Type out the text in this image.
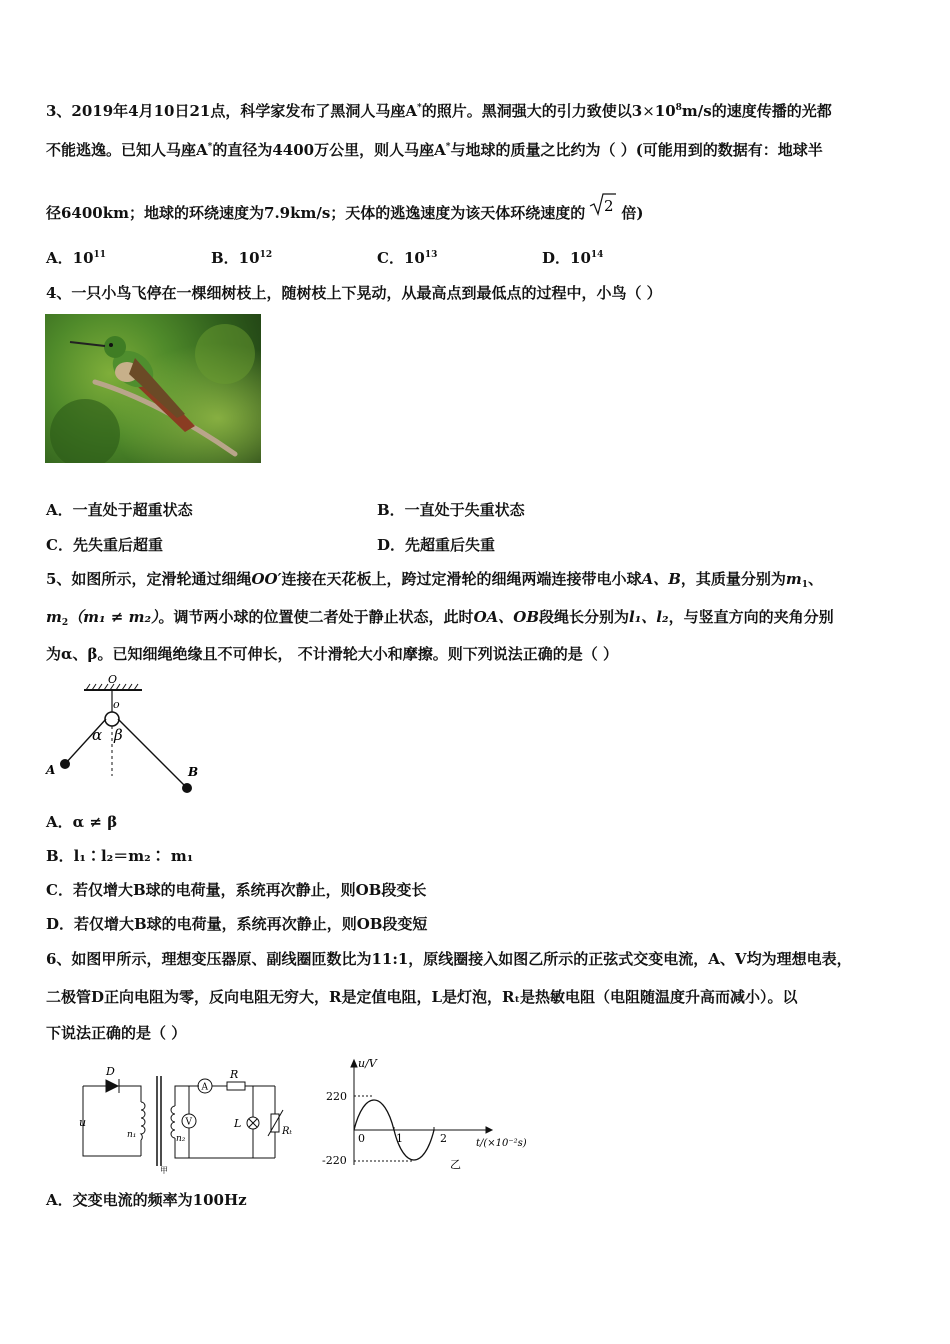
3、2019年4月10日21点，科学家发布了黑洞人马座A*的照片。黑洞强大的引力致使以$3\times 10^8m/s$的速度传播的光都
不能逃逸。已知人马座A*的直径为4400万公里，则人马座A*与地球的质量之比约为（ ）(可能用到的数据有：地球半
径6400km；地球的环绕速度为7.9km/s；天体的逃逸速度为该天体环绕速度的 2 倍)
A．$10^{11}$	B．$10^{12}$	C．$10^{13}$	D．$10^{14}$
4、一只小鸟飞停在一棵细树枝上，随树枝上下晃动，从最高点到最低点的过程中，小鸟（ ）
A．一直处于超重状态	B．一直处于失重状态
C．先失重后超重	D．先超重后失重
5、如图所示，定滑轮通过细绳OO′连接在天花板上，跨过定滑轮的细绳两端连接带电小球A、B，其质量分别为$m_1$、
$m_2(m_1 \ne m_2)$。调节两小球的位置使二者处于静止状态，此时OA、OB段绳长分别为l₁、l₂，与竖直方向的夹角分别
为α、β。已知细绳绝缘且不可伸长， 不计滑轮大小和摩擦。则下列说法正确的是（ ）
O
o
α β
A	B
A．α ≠ β
B．l₁∶l₂＝m₂∶ m₁
C．若仅增大B球的电荷量，系统再次静止，则OB段变长
D．若仅增大B球的电荷量，系统再次静止，则OB段变短
6、如图甲所示，理想变压器原、副线圈匝数比为11:1，原线圈接入如图乙所示的正弦式交变电流，A、V均为理想电表，
二极管D正向电阻为零，反向电阻无穷大，R是定值电阻，L是灯泡，Rₜ是热敏电阻（电阻随温度升高而减小）。以
下说法正确的是（ ）
D
u
n₁	n₂
A
V
R
L
Rₜ
甲
u/V
220
-220
0	1	2	t/(×10⁻²s)
乙
A．交变电流的频率为100Hz
